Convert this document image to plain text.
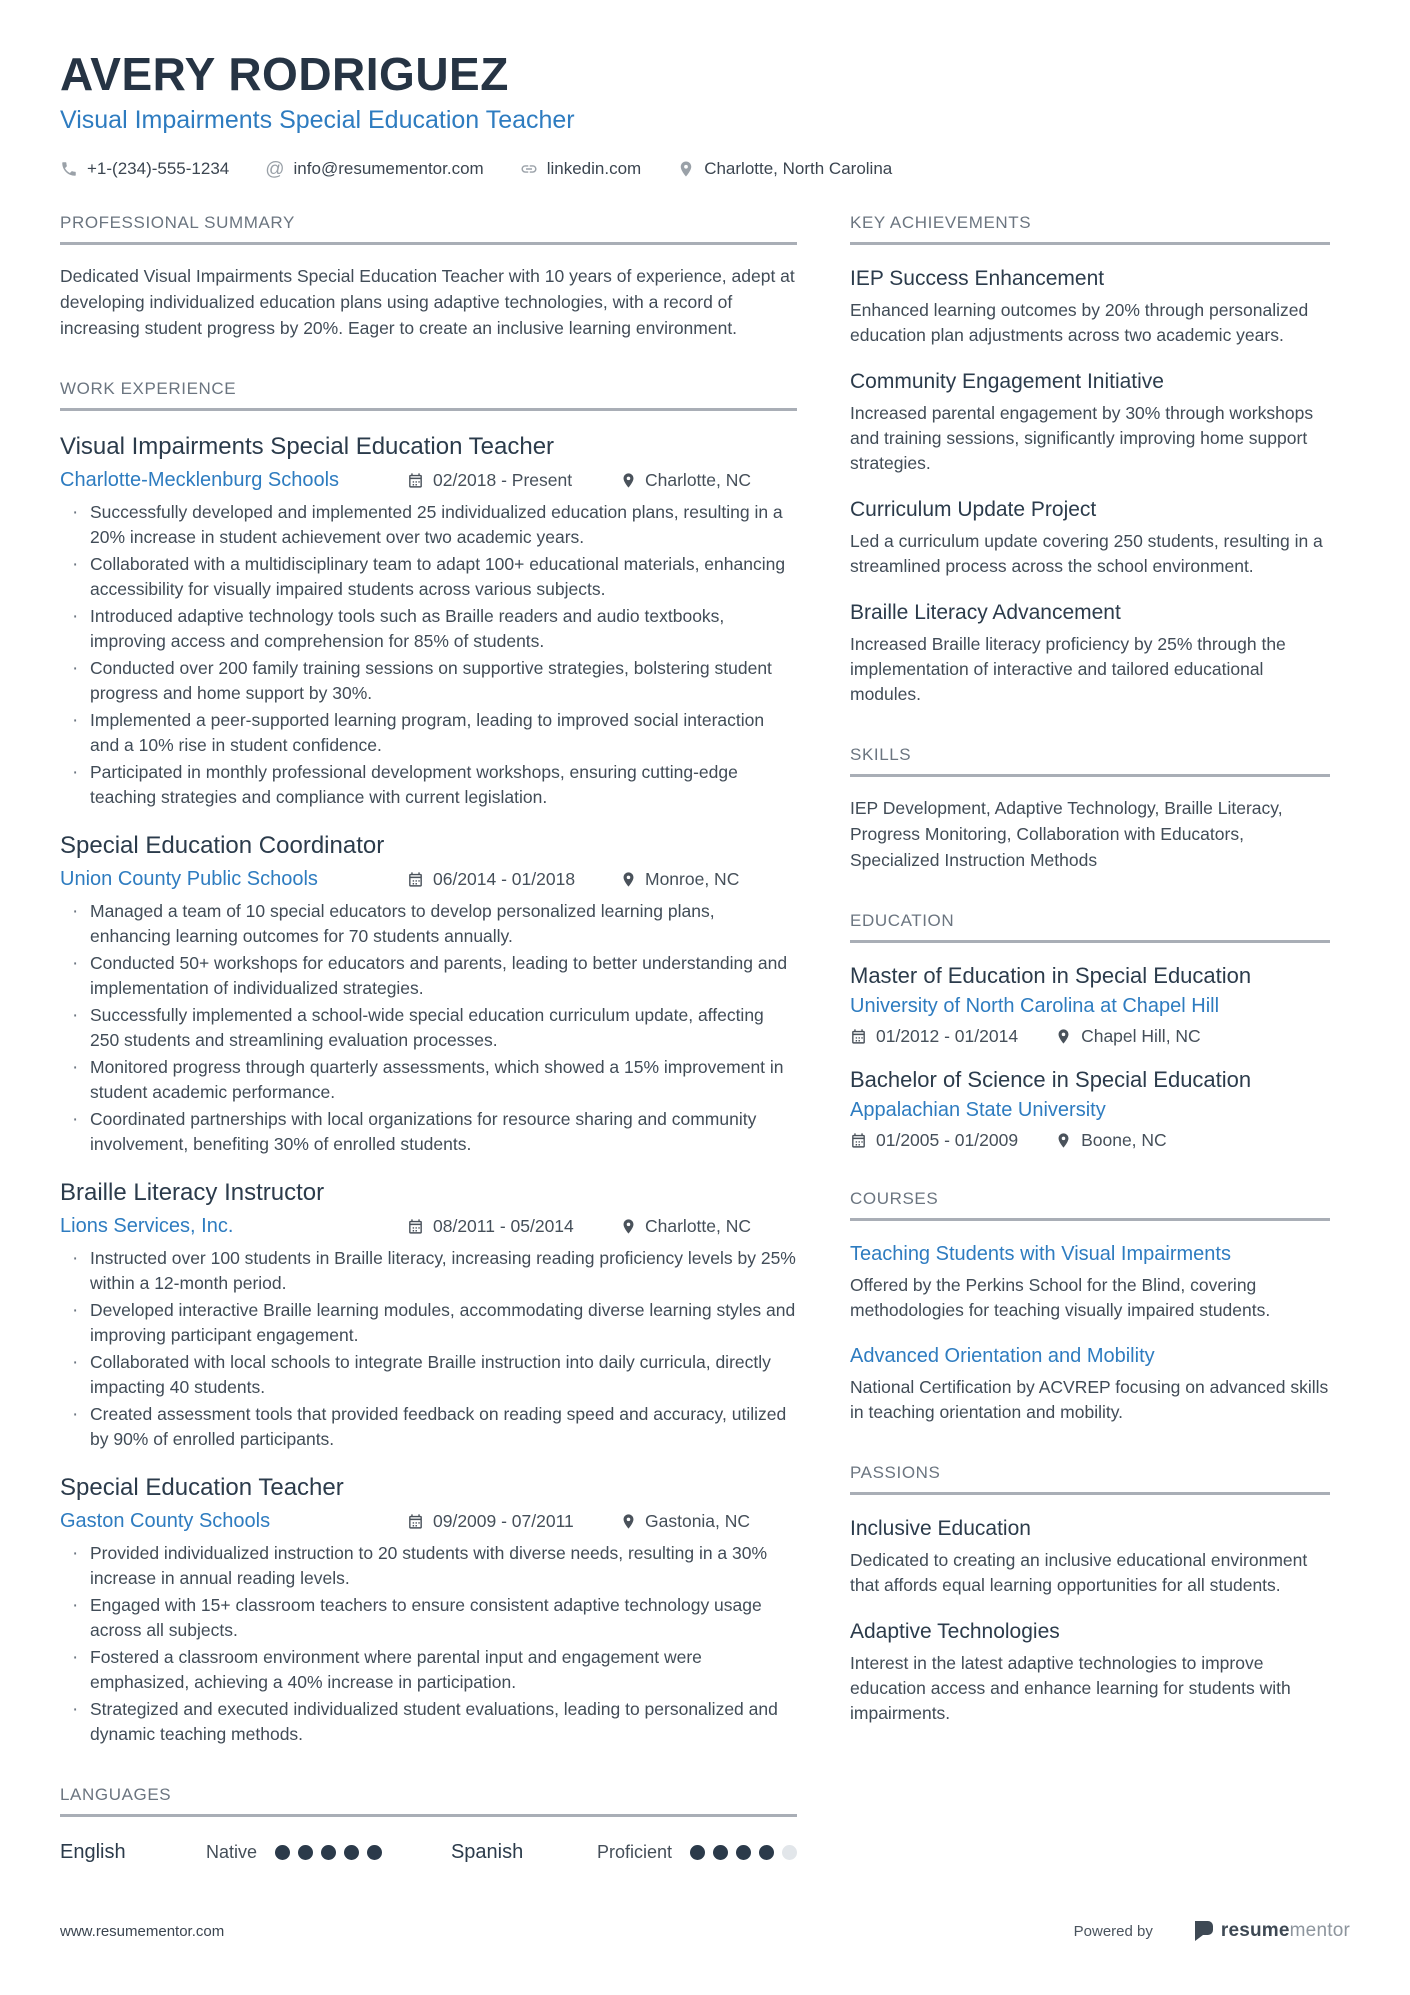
AVERY RODRIGUEZ
Visual Impairments Special Education Teacher
+1-(234)-555-1234 @ info@resumementor.com	linkedin.com	Charlotte, North Carolina
PROFESSIONAL SUMMARY

Dedicated Visual Impairments Special Education Teacher with 10 years of experience, adept at developing individualized education plans using adaptive technologies, with a record of increasing student progress by 20%. Eager to create an inclusive learning environment.

WORK EXPERIENCE
Visual Impairments Special Education Teacher
Charlotte-Mecklenburg Schools	02/2018 - Present	Charlotte, NC
· Successfully developed and implemented 25 individualized education plans, resulting in a 20% increase in student achievement over two academic years.
· Collaborated with a multidisciplinary team to adapt 100+ educational materials, enhancing accessibility for visually impaired students across various subjects.
· Introduced adaptive technology tools such as Braille readers and audio textbooks, improving access and comprehension for 85% of students.
· Conducted over 200 family training sessions on supportive strategies, bolstering student progress and home support by 30%.
· Implemented a peer-supported learning program, leading to improved social interaction and a 10% rise in student confidence.
· Participated in monthly professional development workshops, ensuring cutting-edge teaching strategies and compliance with current legislation.
Special Education Coordinator
Union County Public Schools	06/2014 - 01/2018	Monroe, NC
· Managed a team of 10 special educators to develop personalized learning plans, enhancing learning outcomes for 70 students annually.
· Conducted 50+ workshops for educators and parents, leading to better understanding and implementation of individualized strategies.
· Successfully implemented a school-wide special education curriculum update, affecting 250 students and streamlining evaluation processes.
· Monitored progress through quarterly assessments, which showed a 15% improvement in student academic performance.
· Coordinated partnerships with local organizations for resource sharing and community involvement, benefiting 30% of enrolled students.
Braille Literacy Instructor
Lions Services, Inc.	08/2011 - 05/2014	Charlotte, NC
· Instructed over 100 students in Braille literacy, increasing reading proficiency levels by 25% within a 12-month period.
· Developed interactive Braille learning modules, accommodating diverse learning styles and improving participant engagement.
· Collaborated with local schools to integrate Braille instruction into daily curricula, directly impacting 40 students.
· Created assessment tools that provided feedback on reading speed and accuracy, utilized by 90% of enrolled participants.
Special Education Teacher
Gaston County Schools	09/2009 - 07/2011	Gastonia, NC
· Provided individualized instruction to 20 students with diverse needs, resulting in a 30% increase in annual reading levels.
· Engaged with 15+ classroom teachers to ensure consistent adaptive technology usage across all subjects.
· Fostered a classroom environment where parental input and engagement were emphasized, achieving a 40% increase in participation.
· Strategized and executed individualized student evaluations, leading to personalized and dynamic teaching methods.
LANGUAGES
English	Native	Spanish	Proficient
KEY ACHIEVEMENTS
IEP Success Enhancement

Enhanced learning outcomes by 20% through personalized education plan adjustments across two academic years.

Community Engagement Initiative

Increased parental engagement by 30% through workshops and training sessions, significantly improving home support strategies.

Curriculum Update Project

Led a curriculum update covering 250 students, resulting in a streamlined process across the school environment.

Braille Literacy Advancement

Increased Braille literacy proficiency by 25% through the implementation of interactive and tailored educational modules.

SKILLS

IEP Development, Adaptive Technology, Braille Literacy, Progress Monitoring, Collaboration with Educators, Specialized Instruction Methods

EDUCATION
Master of Education in Special Education
University of North Carolina at Chapel Hill
01/2012 - 01/2014	Chapel Hill, NC
Bachelor of Science in Special Education
Appalachian State University
01/2005 - 01/2009	Boone, NC
COURSES
Teaching Students with Visual Impairments

Offered by the Perkins School for the Blind, covering methodologies for teaching visually impaired students.

Advanced Orientation and Mobility

National Certification by ACVREP focusing on advanced skills in teaching orientation and mobility.

PASSIONS
Inclusive Education

Dedicated to creating an inclusive educational environment that affords equal learning opportunities for all students.

Adaptive Technologies

Interest in the latest adaptive technologies to improve education access and enhance learning for students with impairments.

www.resumementor.com	Powered by	resumementor
